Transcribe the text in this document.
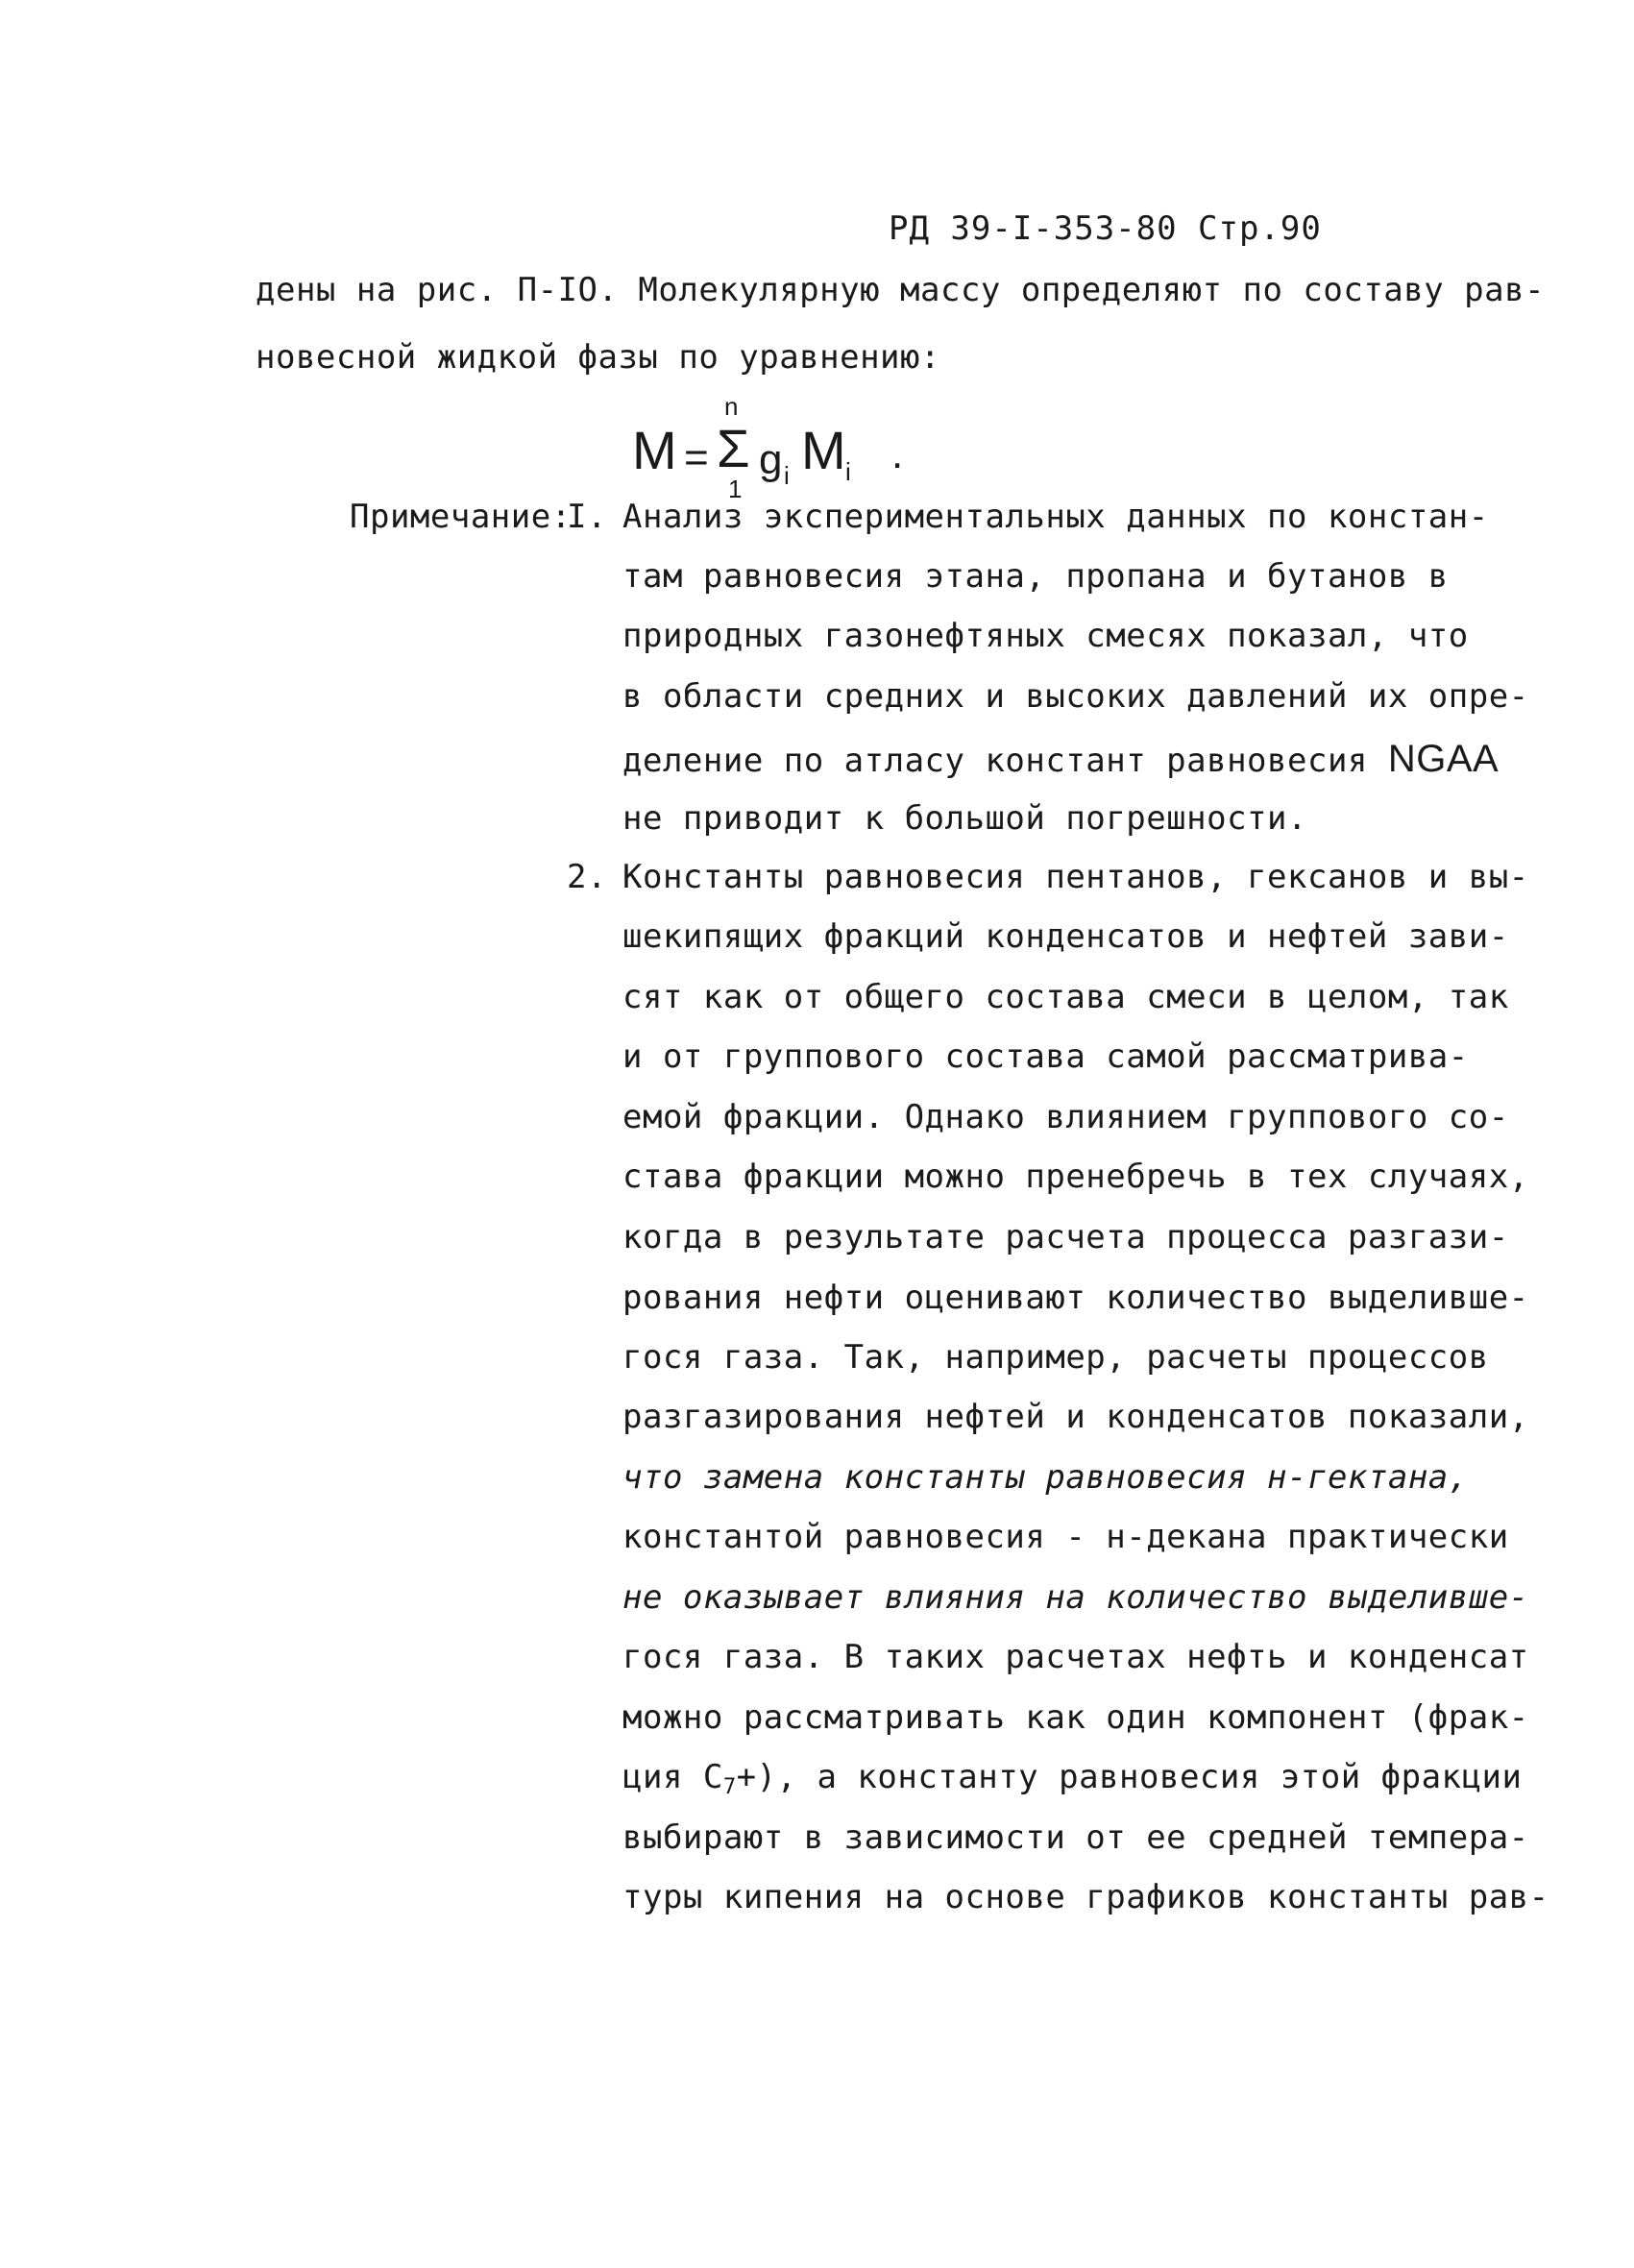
РД 39-I-353-80 Стр.90
дены на рис. П-IO. Молекулярную массу определяют по составу рав-
новесной жидкой фазы по уравнению:
M =
n
Σ
1
g i M i .
Примечание:
I. Анализ экспериментальных данных по констан-
там равновесия этана, пропана и бутанов в
природных газонефтяных смесях показал, что
в области средних и высоких давлений их опре-
деление по атласу констант равновесия NGAA
не приводит к большой погрешности.
2. Константы равновесия пентанов, гексанов и вы-
шекипящих фракций конденсатов и нефтей зави-
сят как от общего состава смеси в целом, так
и от группового состава самой рассматрива-
емой фракции. Однако влиянием группового со-
става фракции можно пренебречь в тех случаях,
когда в результате расчета процесса разгази-
рования нефти оценивают количество выделивше-
гося газа. Так, например, расчеты процессов
разгазирования нефтей и конденсатов показали,
что замена константы равновесия н-гектана,
константой равновесия - н-декана практически
не оказывает влияния на количество выделивше-
гося газа. В таких расчетах нефть и конденсат
можно рассматривать как один компонент (фрак-
ция $С_7+$), а константу равновесия этой фракции
выбирают в зависимости от ее средней темпера-
туры кипения на основе графиков константы рав-
